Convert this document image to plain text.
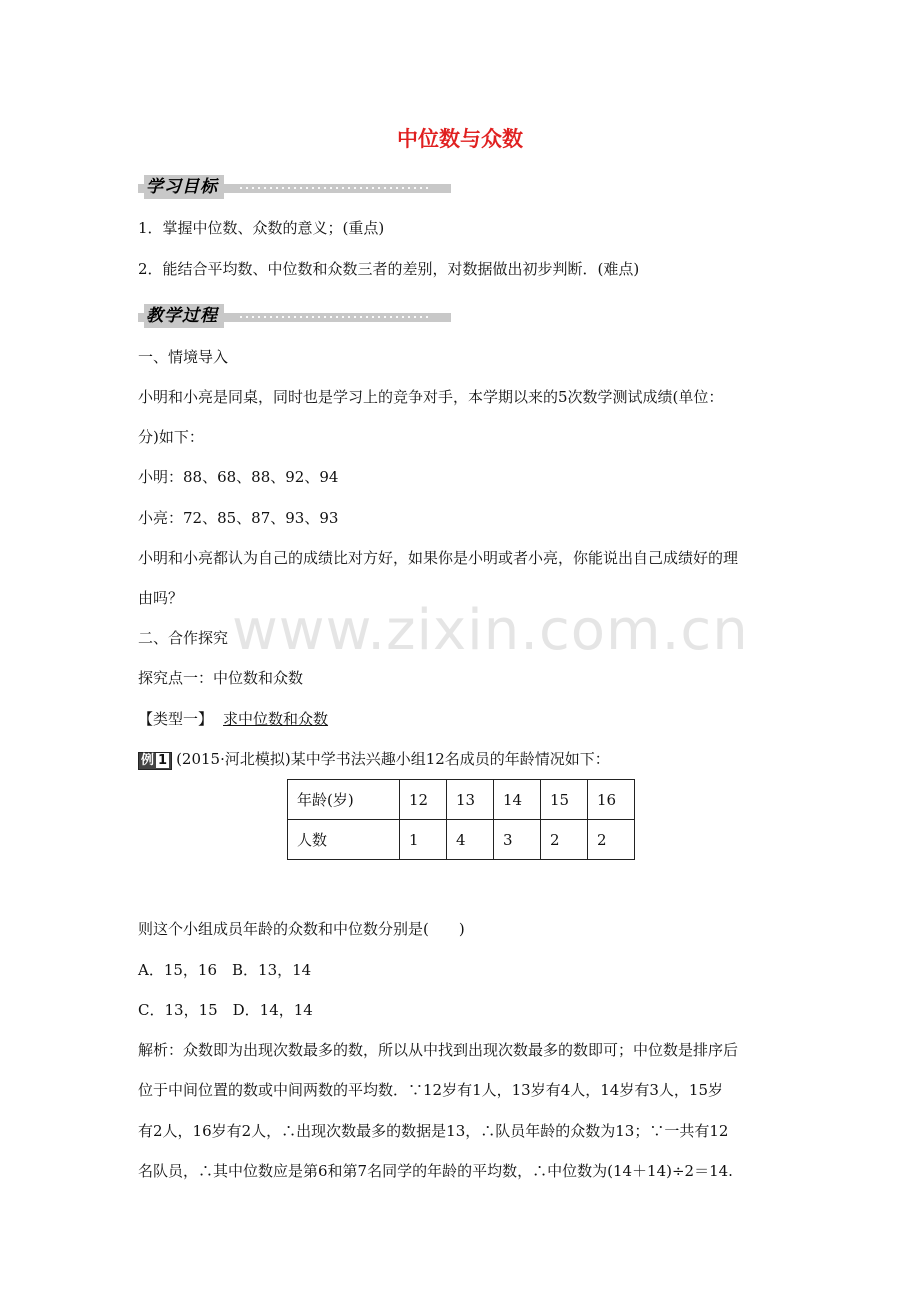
中位数与众数
学习目标
1．掌握中位数、众数的意义；(重点)
2．能结合平均数、中位数和众数三者的差别，对数据做出初步判断．(难点)
教学过程
一、情境导入
小明和小亮是同桌，同时也是学习上的竞争对手，本学期以来的5次数学测试成绩(单位：
分)如下：
小明：88、68、88、92、94
小亮：72、85、87、93、93
小明和小亮都认为自己的成绩比对方好，如果你是小明或者小亮，你能说出自己成绩好的理
由吗？ www.zixin.com.cn
二、合作探究
探究点一：中位数和众数
【类型一】 求中位数和众数
例 1 (2015·河北模拟)某中学书法兴趣小组12名成员的年龄情况如下：
年龄(岁)	12	13	14	15	16
人数	1	4	3	2	2
则这个小组成员年龄的众数和中位数分别是(　　)
A．15，16　B．13，14
C．13，15　D．14，14
解析：众数即为出现次数最多的数，所以从中找到出现次数最多的数即可；中位数是排序后
位于中间位置的数或中间两数的平均数．∵12岁有1人，13岁有4人，14岁有3人，15岁
有2人，16岁有2人，∴出现次数最多的数据是13，∴队员年龄的众数为13；∵一共有12
名队员，∴其中位数应是第6和第7名同学的年龄的平均数，∴中位数为(14＋14)÷2＝14.
